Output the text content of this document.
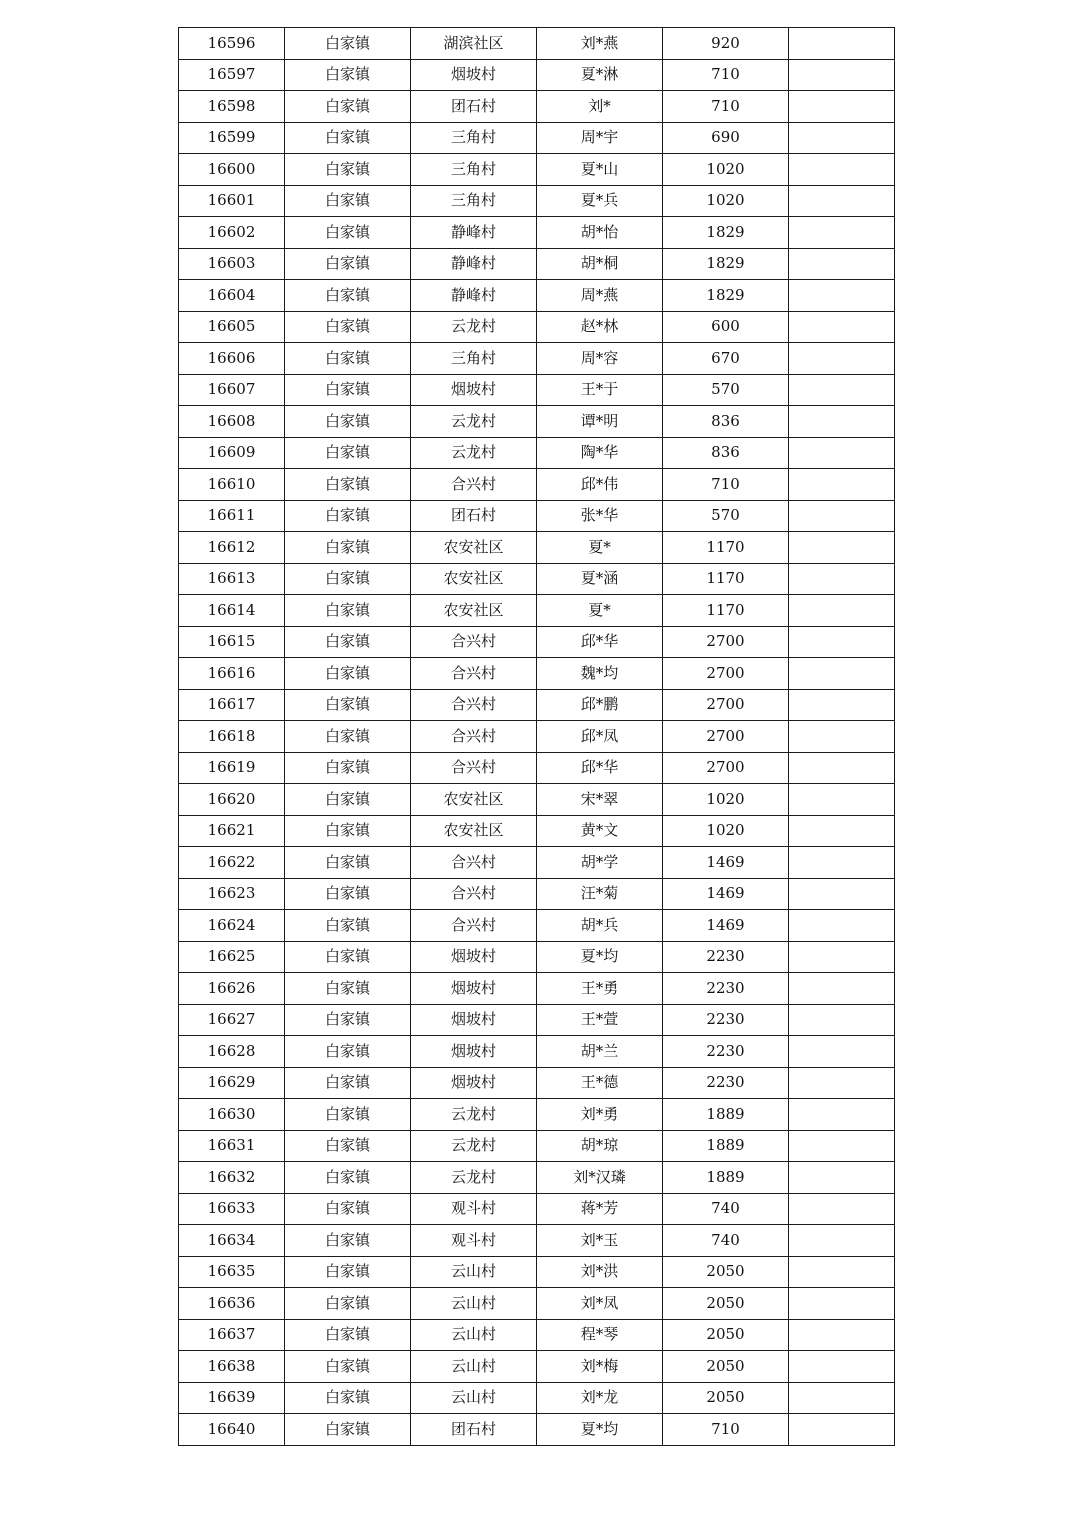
16596	白家镇	湖滨社区	刘*燕	920	
16597	白家镇	烟坡村	夏*淋	710	
16598	白家镇	团石村	刘*	710	
16599	白家镇	三角村	周*宇	690	
16600	白家镇	三角村	夏*山	1020	
16601	白家镇	三角村	夏*兵	1020	
16602	白家镇	静峰村	胡*怡	1829	
16603	白家镇	静峰村	胡*桐	1829	
16604	白家镇	静峰村	周*燕	1829	
16605	白家镇	云龙村	赵*林	600	
16606	白家镇	三角村	周*容	670	
16607	白家镇	烟坡村	王*于	570	
16608	白家镇	云龙村	谭*明	836	
16609	白家镇	云龙村	陶*华	836	
16610	白家镇	合兴村	邱*伟	710	
16611	白家镇	团石村	张*华	570	
16612	白家镇	农安社区	夏*	1170	
16613	白家镇	农安社区	夏*涵	1170	
16614	白家镇	农安社区	夏*	1170	
16615	白家镇	合兴村	邱*华	2700	
16616	白家镇	合兴村	魏*均	2700	
16617	白家镇	合兴村	邱*鹏	2700	
16618	白家镇	合兴村	邱*凤	2700	
16619	白家镇	合兴村	邱*华	2700	
16620	白家镇	农安社区	宋*翠	1020	
16621	白家镇	农安社区	黄*文	1020	
16622	白家镇	合兴村	胡*学	1469	
16623	白家镇	合兴村	汪*菊	1469	
16624	白家镇	合兴村	胡*兵	1469	
16625	白家镇	烟坡村	夏*均	2230	
16626	白家镇	烟坡村	王*勇	2230	
16627	白家镇	烟坡村	王*萱	2230	
16628	白家镇	烟坡村	胡*兰	2230	
16629	白家镇	烟坡村	王*德	2230	
16630	白家镇	云龙村	刘*勇	1889	
16631	白家镇	云龙村	胡*琼	1889	
16632	白家镇	云龙村	刘*汉璘	1889	
16633	白家镇	观斗村	蒋*芳	740	
16634	白家镇	观斗村	刘*玉	740	
16635	白家镇	云山村	刘*洪	2050	
16636	白家镇	云山村	刘*凤	2050	
16637	白家镇	云山村	程*琴	2050	
16638	白家镇	云山村	刘*梅	2050	
16639	白家镇	云山村	刘*龙	2050	
16640	白家镇	团石村	夏*均	710	
